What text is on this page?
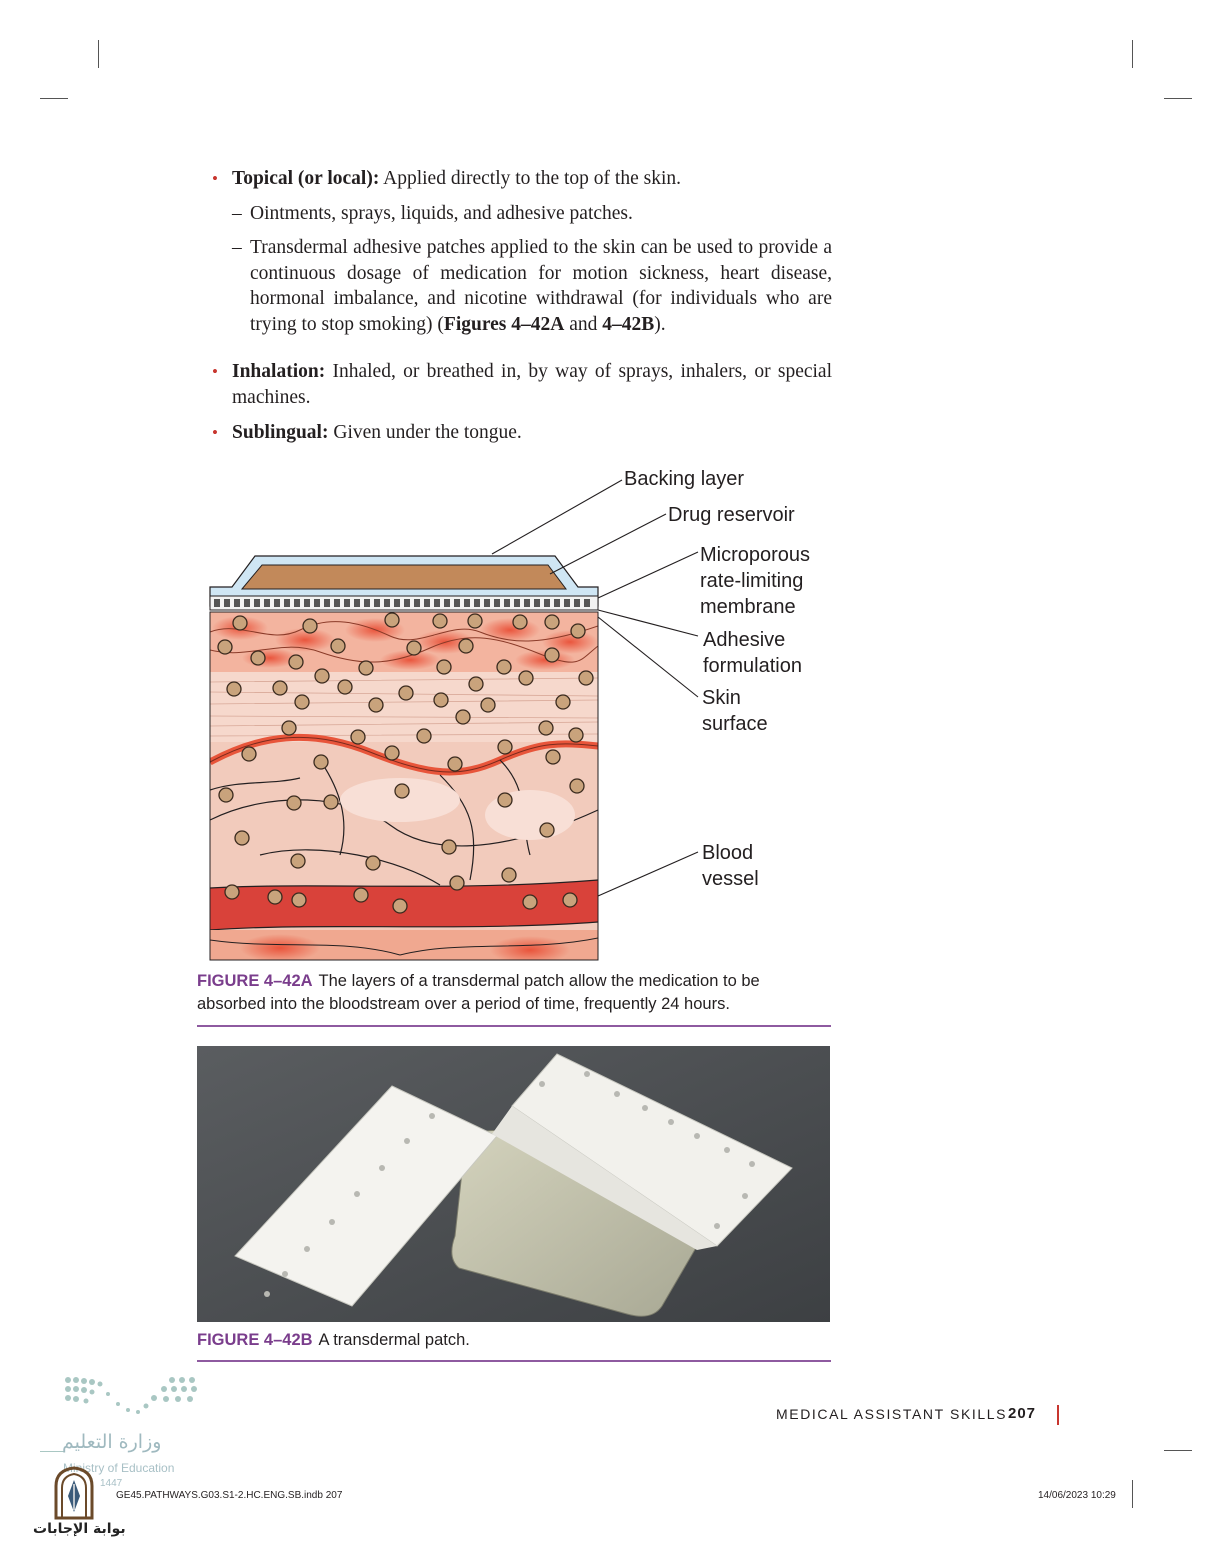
• Topical (or local): Applied directly to the top of the skin.
– Ointments, sprays, liquids, and adhesive patches.
– Transdermal adhesive patches applied to the skin can be used to provide a continuous dosage of medication for motion sickness, heart disease, hormonal imbalance, and nicotine withdrawal (for individuals who are trying to stop smoking) (Figures 4–42A and 4–42B).
• Inhalation: Inhaled, or breathed in, by way of sprays, inhalers, or special machines.
• Sublingual: Given under the tongue.
Backing layer
Drug reservoir
Microporous
rate-limiting
membrane
Adhesive
formulation
Skin
surface
Blood
vessel
FIGURE 4–42A The layers of a transdermal patch allow the medication to be absorbed into the bloodstream over a period of time, frequently 24 hours.
FIGURE 4–42B A transdermal patch.
MEDICAL ASSISTANT SKILLS 207
وزارة التعليم
Ministry of Education
1447
بوابة الإجابات
GE45.PATHWAYS.G03.S1-2.HC.ENG.SB.indb 207	14/06/2023 10:29
